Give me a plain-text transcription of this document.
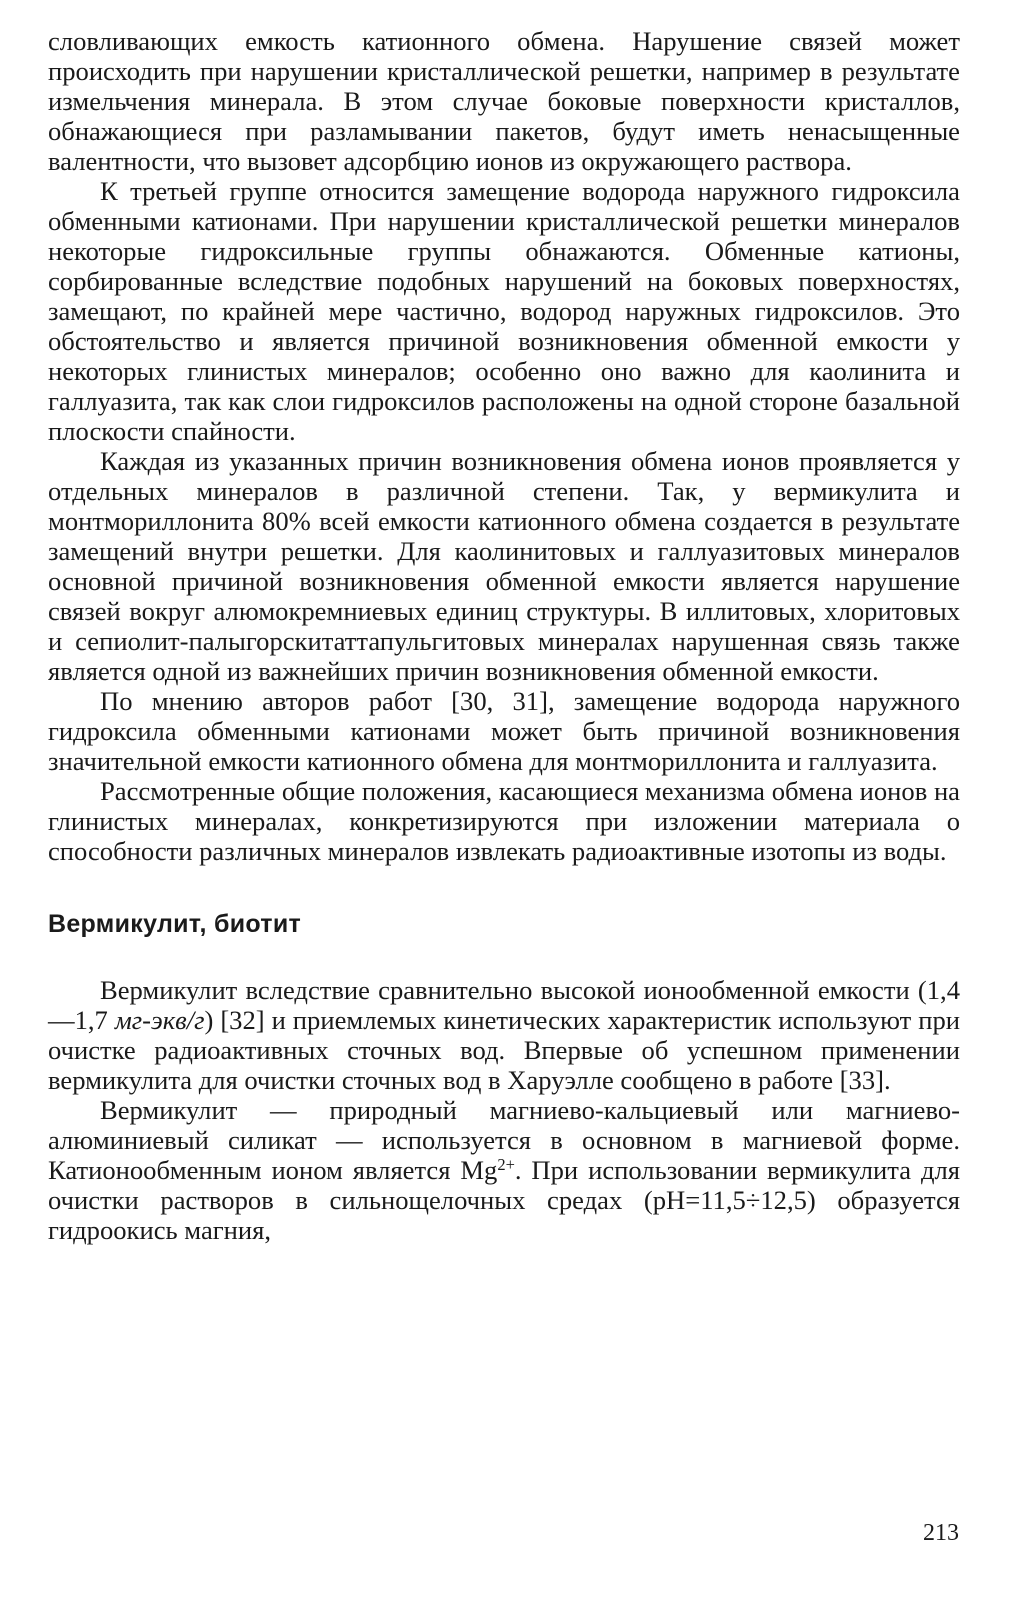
словливающих емкость катионного обмена. Нарушение связей может происходить при нарушении кристаллической решетки, например в результате измельчения минерала. В этом случае боковые поверхности кристаллов, обнажающиеся при разламывании пакетов, будут иметь ненасыщенные валентности, что вызовет адсорбцию ионов из окружающего раствора.

К третьей группе относится замещение водорода наружного гидроксила обменными катионами. При нарушении кристаллической решетки минералов некоторые гидроксильные группы обнажаются. Обменные катионы, сорбированные вследствие подобных нарушений на боковых поверхностях, замещают, по крайней мере частично, водород наружных гидроксилов. Это обстоятельство и является причиной возникновения обменной емкости у некоторых глинистых минералов; особенно оно важно для каолинита и галлуазита, так как слои гидроксилов расположены на одной стороне базальной плоскости спайности.

Каждая из указанных причин возникновения обмена ионов проявляется у отдельных минералов в различной степени. Так, у вермикулита и монтмориллонита 80% всей емкости катионного обмена создается в результате замещений внутри решетки. Для каолинитовых и галлуазитовых минералов основной причиной возникновения обменной емкости является нарушение связей вокруг алюмокремниевых единиц структуры. В иллитовых, хлоритовых и сепиолит-палыгорскитаттапульгитовых минералах нарушенная связь также является одной из важнейших причин возникновения обменной емкости.

По мнению авторов работ [30, 31], замещение водорода наружного гидроксила обменными катионами может быть причиной возникновения значительной емкости катионного обмена для монтмориллонита и галлуазита.

Рассмотренные общие положения, касающиеся механизма обмена ионов на глинистых минералах, конкретизируются при изложении материала о способности различных минералов извлекать радиоактивные изотопы из воды.

Вермикулит, биотит

Вермикулит вследствие сравнительно высокой ионообменной емкости (1,4—1,7 мг-экв/г) [32] и приемлемых кинетических характеристик используют при очистке радиоактивных сточных вод. Впервые об успешном применении вермикулита для очистки сточных вод в Харуэлле сообщено в работе [33].

Вермикулит — природный магниево-кальциевый или магниево-алюминиевый силикат — используется в основном в магниевой форме. Катионообменным ионом является $Mg^{2+}$. При использовании вермикулита для очистки растворов в сильнощелочных средах (pH=11,5÷12,5) образуется гидроокись магния,

213
